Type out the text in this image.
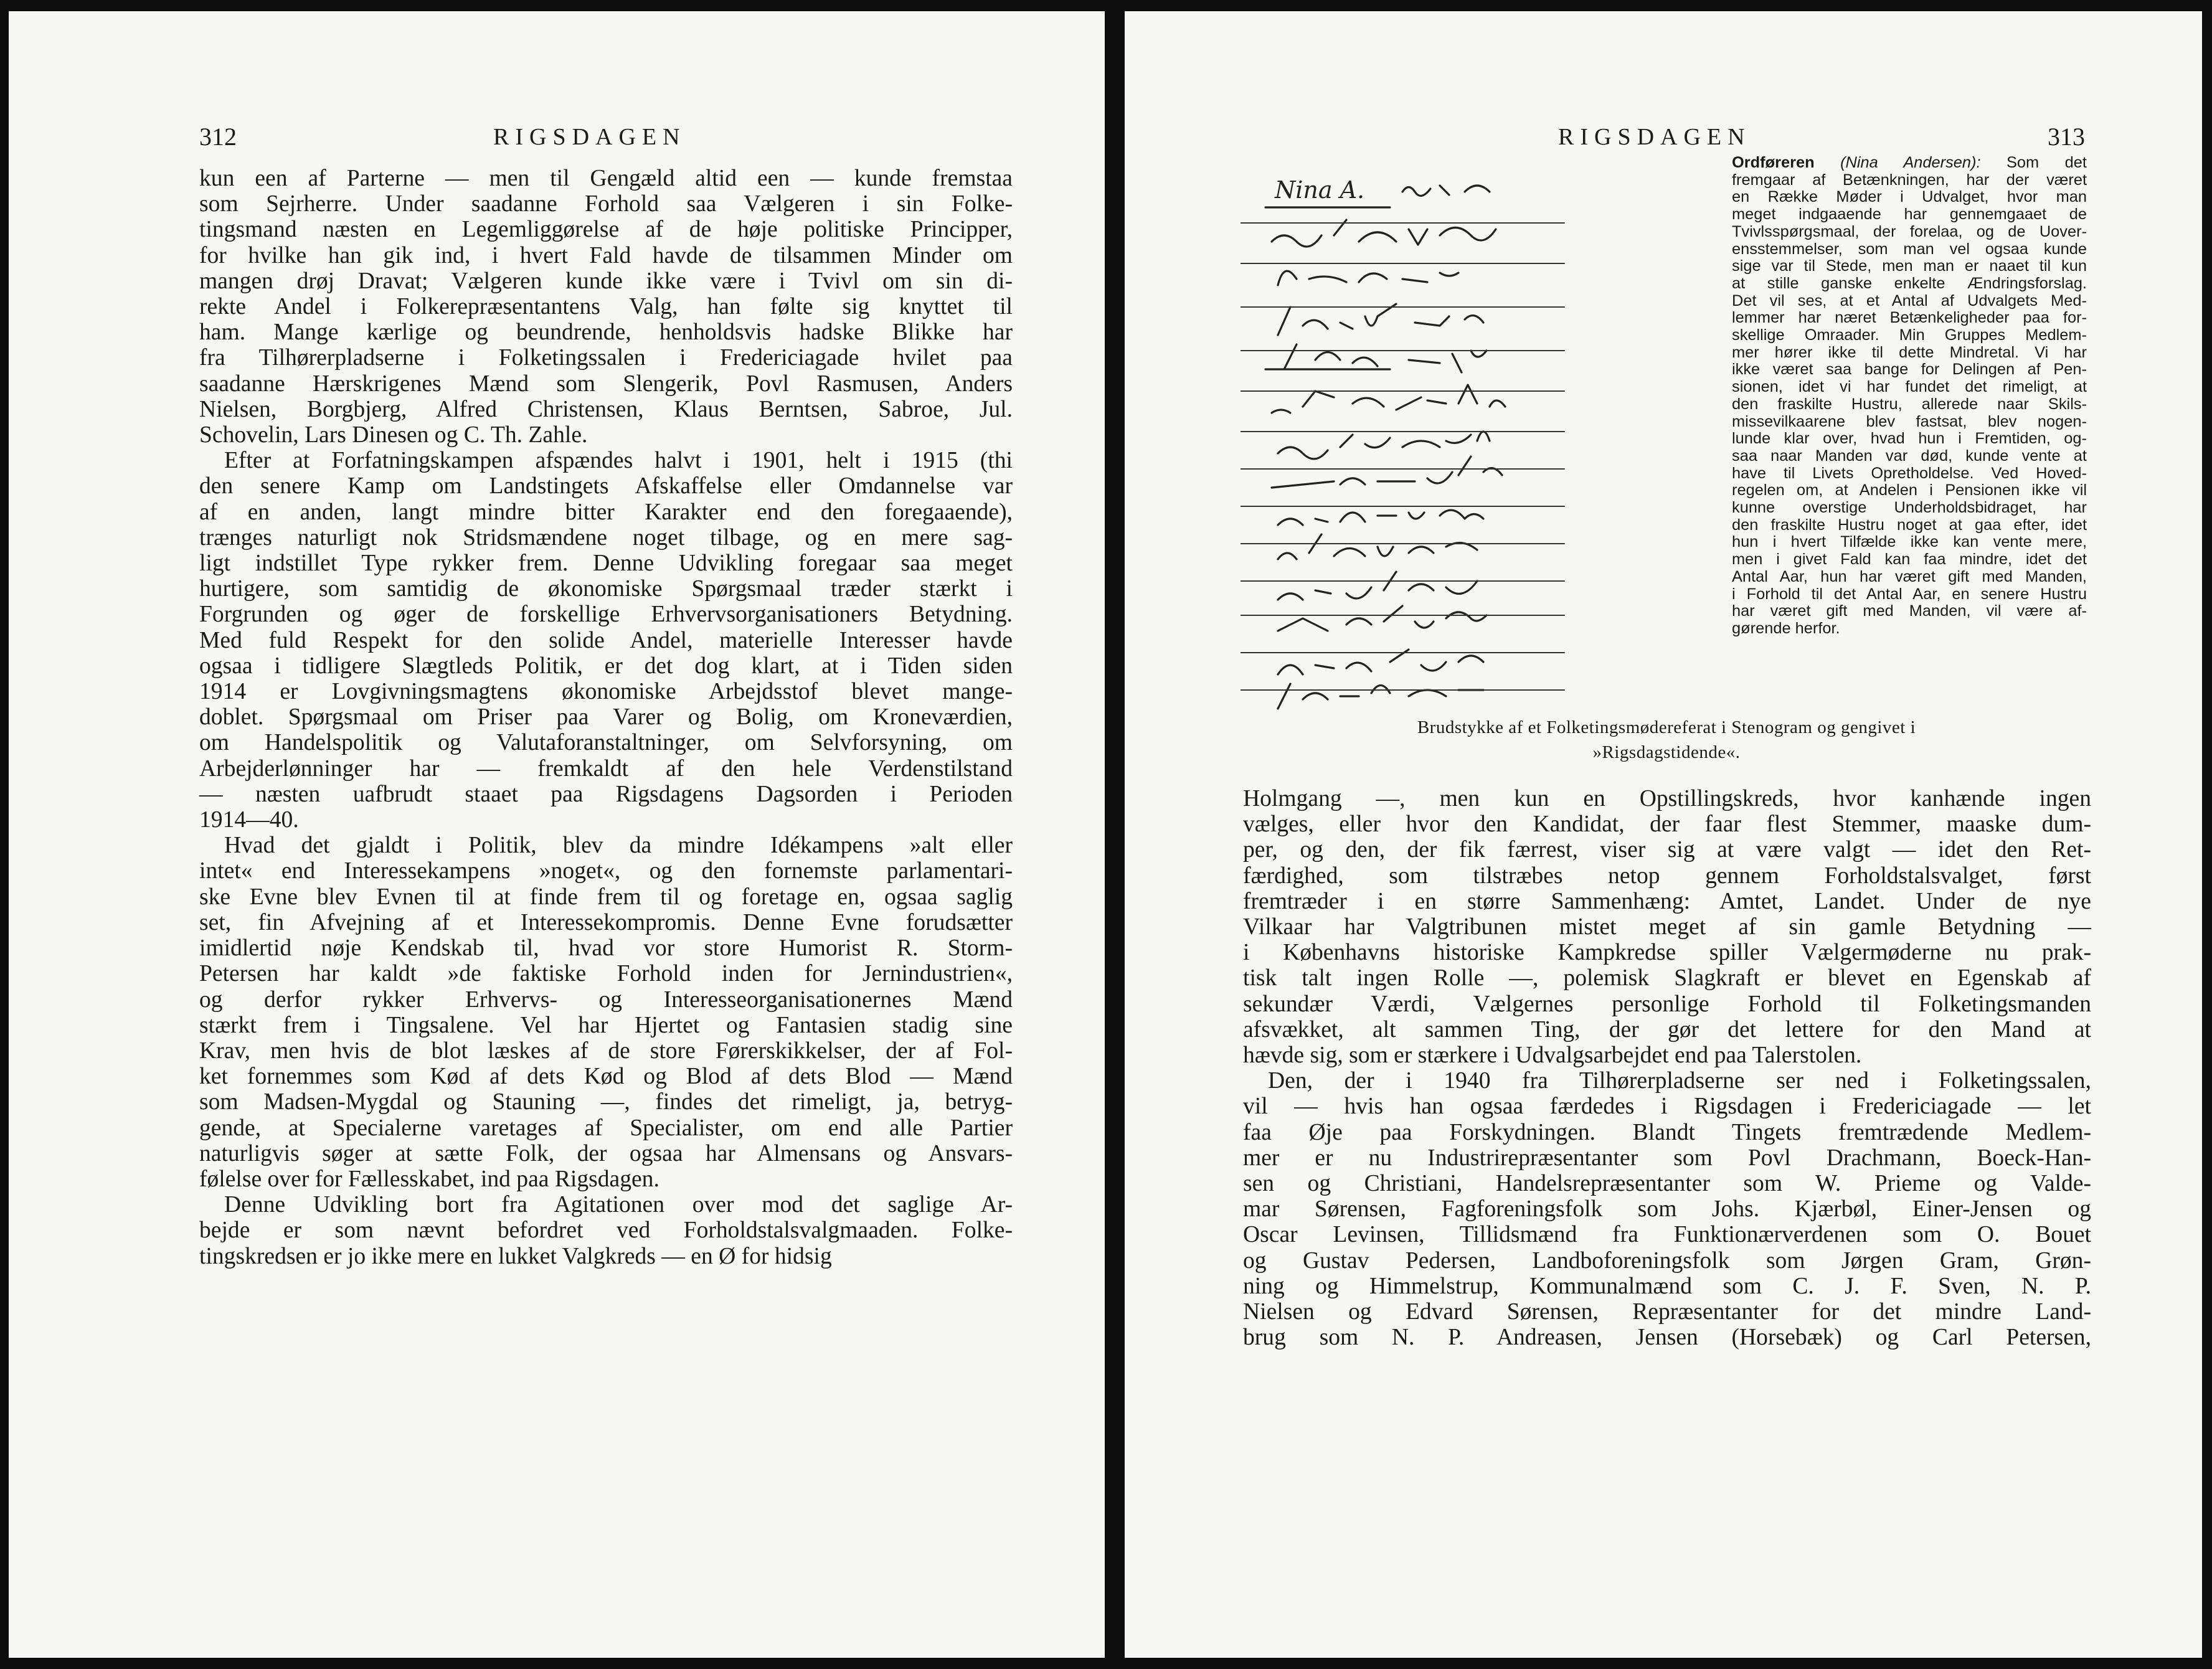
312	RIGSDAGEN
kun een af Parterne — men til Gengæld altid een — kunde fremstaa
som Sejrherre. Under saadanne Forhold saa Vælgeren i sin Folke-
tingsmand næsten en Legemliggørelse af de høje politiske Principper,
for hvilke han gik ind, i hvert Fald havde de tilsammen Minder om
mangen drøj Dravat; Vælgeren kunde ikke være i Tvivl om sin di-
rekte Andel i Folkerepræsentantens Valg, han følte sig knyttet til
ham. Mange kærlige og beundrende, henholdsvis hadske Blikke har
fra Tilhørerpladserne i Folketingssalen i Fredericiagade hvilet paa
saadanne Hærskrigenes Mænd som Slengerik, Povl Rasmusen, Anders
Nielsen, Borgbjerg, Alfred Christensen, Klaus Berntsen, Sabroe, Jul.
Schovelin, Lars Dinesen og C. Th. Zahle.
Efter at Forfatningskampen afspændes halvt i 1901, helt i 1915 (thi
den senere Kamp om Landstingets Afskaffelse eller Omdannelse var
af en anden, langt mindre bitter Karakter end den foregaaende),
trænges naturligt nok Stridsmændene noget tilbage, og en mere sag-
ligt indstillet Type rykker frem. Denne Udvikling foregaar saa meget
hurtigere, som samtidig de økonomiske Spørgsmaal træder stærkt i
Forgrunden og øger de forskellige Erhvervsorganisationers Betydning.
Med fuld Respekt for den solide Andel, materielle Interesser havde
ogsaa i tidligere Slægtleds Politik, er det dog klart, at i Tiden siden
1914 er Lovgivningsmagtens økonomiske Arbejdsstof blevet mange-
doblet. Spørgsmaal om Priser paa Varer og Bolig, om Kroneværdien,
om Handelspolitik og Valutaforanstaltninger, om Selvforsyning, om
Arbejderlønninger har — fremkaldt af den hele Verdenstilstand
— næsten uafbrudt staaet paa Rigsdagens Dagsorden i Perioden
1914—40.
Hvad det gjaldt i Politik, blev da mindre Idékampens »alt eller
intet« end Interessekampens »noget«, og den fornemste parlamentari-
ske Evne blev Evnen til at finde frem til og foretage en, ogsaa saglig
set, fin Afvejning af et Interessekompromis. Denne Evne forudsætter
imidlertid nøje Kendskab til, hvad vor store Humorist R. Storm-
Petersen har kaldt »de faktiske Forhold inden for Jernindustrien«,
og derfor rykker Erhvervs- og Interesseorganisationernes Mænd
stærkt frem i Tingsalene. Vel har Hjertet og Fantasien stadig sine
Krav, men hvis de blot læskes af de store Førerskikkelser, der af Fol-
ket fornemmes som Kød af dets Kød og Blod af dets Blod — Mænd
som Madsen-Mygdal og Stauning —, findes det rimeligt, ja, betryg-
gende, at Specialerne varetages af Specialister, om end alle Partier
naturligvis søger at sætte Folk, der ogsaa har Almensans og Ansvars-
følelse over for Fællesskabet, ind paa Rigsdagen.
Denne Udvikling bort fra Agitationen over mod det saglige Ar-
bejde er som nævnt befordret ved Forholdstalsvalgmaaden. Folke-
tingskredsen er jo ikke mere en lukket Valgkreds — en Ø for hidsig
RIGSDAGEN	313
Nina A.
Ordføreren (Nina Andersen): Som det
fremgaar af Betænkningen, har der været
en Række Møder i Udvalget, hvor man
meget indgaaende har gennemgaaet de
Tvivlsspørgsmaal, der forelaa, og de Uover-
ensstemmelser, som man vel ogsaa kunde
sige var til Stede, men man er naaet til kun
at stille ganske enkelte Ændringsforslag.
Det vil ses, at et Antal af Udvalgets Med-
lemmer har næret Betænkeligheder paa for-
skellige Omraader. Min Gruppes Medlem-
mer hører ikke til dette Mindretal. Vi har
ikke været saa bange for Delingen af Pen-
sionen, idet vi har fundet det rimeligt, at
den fraskilte Hustru, allerede naar Skils-
missevilkaarene blev fastsat, blev nogen-
lunde klar over, hvad hun i Fremtiden, og-
saa naar Manden var død, kunde vente at
have til Livets Opretholdelse. Ved Hoved-
regelen om, at Andelen i Pensionen ikke vil
kunne overstige Underholdsbidraget, har
den fraskilte Hustru noget at gaa efter, idet
hun i hvert Tilfælde ikke kan vente mere,
men i givet Fald kan faa mindre, idet det
Antal Aar, hun har været gift med Manden,
i Forhold til det Antal Aar, en senere Hustru
har været gift med Manden, vil være af-
gørende herfor.
Brudstykke af et Folketingsmødereferat i Stenogram og gengivet i
»Rigsdagstidende«.
Holmgang —, men kun en Opstillingskreds, hvor kanhænde ingen
vælges, eller hvor den Kandidat, der faar flest Stemmer, maaske dum-
per, og den, der fik færrest, viser sig at være valgt — idet den Ret-
færdighed, som tilstræbes netop gennem Forholdstalsvalget, først
fremtræder i en større Sammenhæng: Amtet, Landet. Under de nye
Vilkaar har Valgtribunen mistet meget af sin gamle Betydning —
i Københavns historiske Kampkredse spiller Vælgermøderne nu prak-
tisk talt ingen Rolle —, polemisk Slagkraft er blevet en Egenskab af
sekundær Værdi, Vælgernes personlige Forhold til Folketingsmanden
afsvækket, alt sammen Ting, der gør det lettere for den Mand at
hævde sig, som er stærkere i Udvalgsarbejdet end paa Talerstolen.
Den, der i 1940 fra Tilhørerpladserne ser ned i Folketingssalen,
vil — hvis han ogsaa færdedes i Rigsdagen i Fredericiagade — let
faa Øje paa Forskydningen. Blandt Tingets fremtrædende Medlem-
mer er nu Industrirepræsentanter som Povl Drachmann, Boeck-Han-
sen og Christiani, Handelsrepræsentanter som W. Prieme og Valde-
mar Sørensen, Fagforeningsfolk som Johs. Kjærbøl, Einer-Jensen og
Oscar Levinsen, Tillidsmænd fra Funktionærverdenen som O. Bouet
og Gustav Pedersen, Landboforeningsfolk som Jørgen Gram, Grøn-
ning og Himmelstrup, Kommunalmænd som C. J. F. Sven, N. P.
Nielsen og Edvard Sørensen, Repræsentanter for det mindre Land-
brug som N. P. Andreasen, Jensen (Horsebæk) og Carl Petersen,
